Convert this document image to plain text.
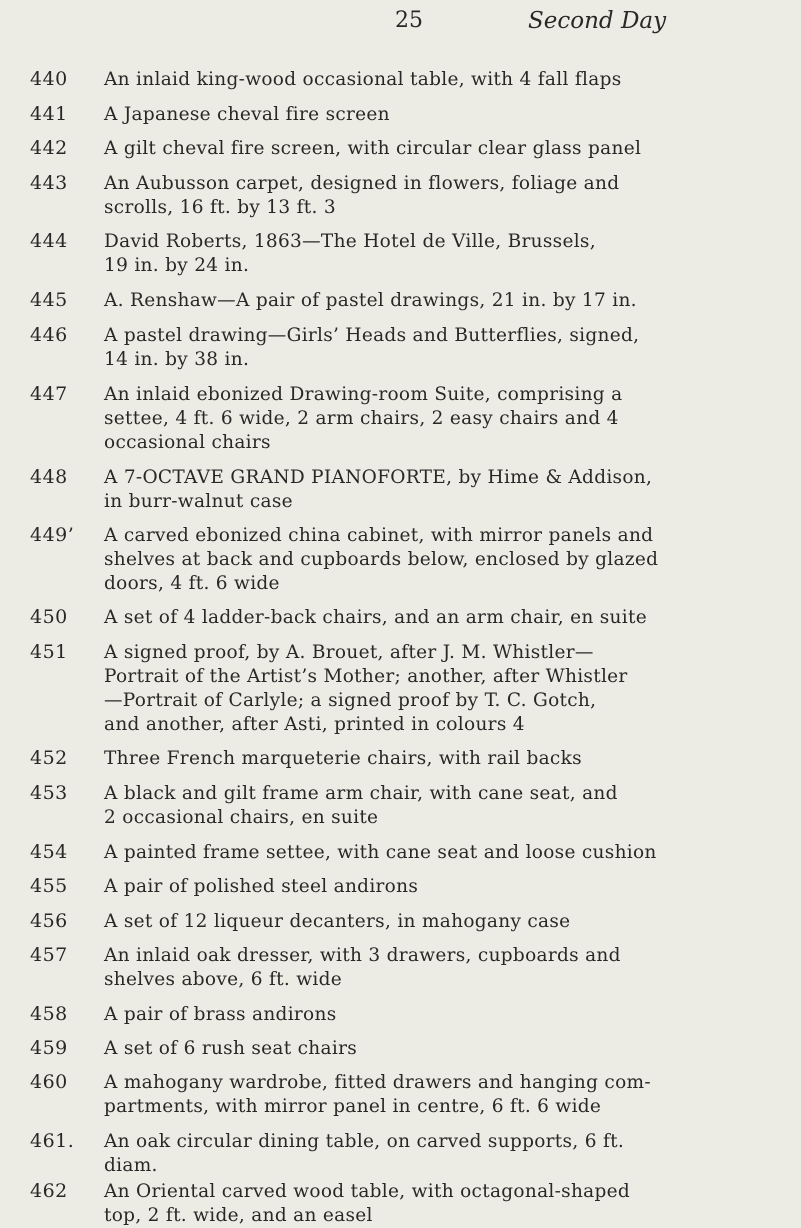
25	Second Day
440 An inlaid king-wood occasional table, with 4 fall flaps
441 A Japanese cheval fire screen
442 A gilt cheval fire screen, with circular clear glass panel
443 An Aubusson carpet, designed in flowers, foliage and
scrolls, 16 ft. by 13 ft. 3
444 David Roberts, 1863—The Hotel de Ville, Brussels,
19 in. by 24 in.
445 A. Renshaw—A pair of pastel drawings, 21 in. by 17 in.
446 A pastel drawing—Girls’ Heads and Butterflies, signed,
14 in. by 38 in.
447 An inlaid ebonized Drawing-room Suite, comprising a
settee, 4 ft. 6 wide, 2 arm chairs, 2 easy chairs and 4
occasional chairs
448 A 7-OCTAVE GRAND PIANOFORTE, by Hime & Addison,
in burr-walnut case
449’ A carved ebonized china cabinet, with mirror panels and
shelves at back and cupboards below, enclosed by glazed
doors, 4 ft. 6 wide
450 A set of 4 ladder-back chairs, and an arm chair, en suite
451 A signed proof, by A. Brouet, after J. M. Whistler—
Portrait of the Artist’s Mother; another, after Whistler
—Portrait of Carlyle; a signed proof by T. C. Gotch,
and another, after Asti, printed in colours 4
452 Three French marqueterie chairs, with rail backs
453 A black and gilt frame arm chair, with cane seat, and
2 occasional chairs, en suite
454 A painted frame settee, with cane seat and loose cushion
455 A pair of polished steel andirons
456 A set of 12 liqueur decanters, in mahogany case
457 An inlaid oak dresser, with 3 drawers, cupboards and
shelves above, 6 ft. wide
458 A pair of brass andirons
459 A set of 6 rush seat chairs
460 A mahogany wardrobe, fitted drawers and hanging com-
partments, with mirror panel in centre, 6 ft. 6 wide
461. An oak circular dining table, on carved supports, 6 ft.
diam.
462 An Oriental carved wood table, with octagonal-shaped
top, 2 ft. wide, and an easel
